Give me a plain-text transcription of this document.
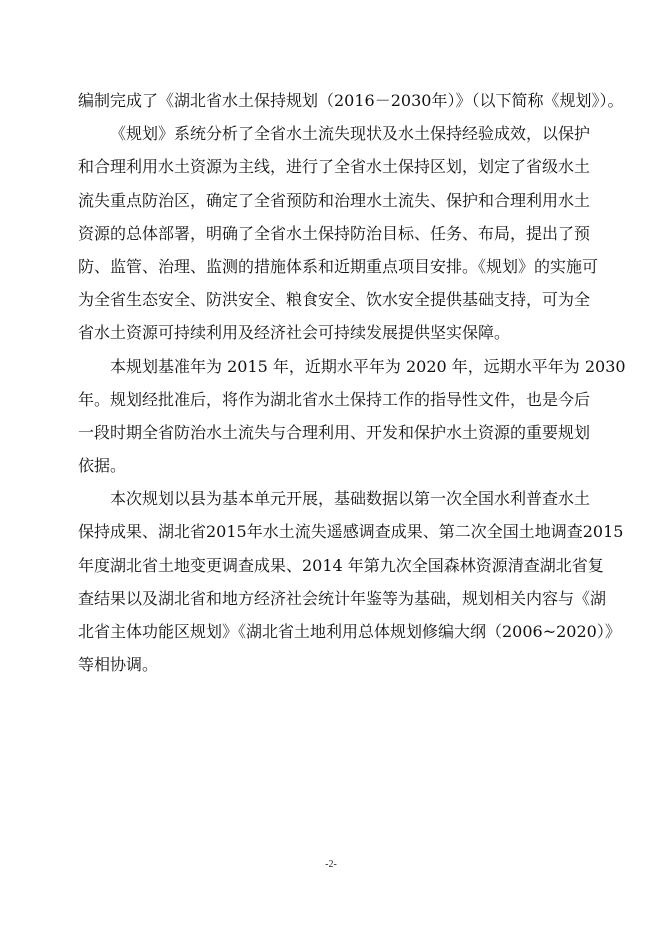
编制完成了《湖北省水土保持规划（2016－2030年）》（以下简称《规划》）。
《规划》系统分析了全省水土流失现状及水土保持经验成效，以保护
和合理利用水土资源为主线，进行了全省水土保持区划，划定了省级水土
流失重点防治区，确定了全省预防和治理水土流失、保护和合理利用水土
资源的总体部署，明确了全省水土保持防治目标、任务、布局，提出了预
防、监管、治理、监测的措施体系和近期重点项目安排。《规划》的实施可
为全省生态安全、防洪安全、粮食安全、饮水安全提供基础支持，可为全
省水土资源可持续利用及经济社会可持续发展提供坚实保障。
本规划基准年为 2015 年，近期水平年为 2020 年，远期水平年为 2030
年。规划经批准后，将作为湖北省水土保持工作的指导性文件，也是今后
一段时期全省防治水土流失与合理利用、开发和保护水土资源的重要规划
依据。
本次规划以县为基本单元开展，基础数据以第一次全国水利普查水土
保持成果、湖北省2015年水土流失遥感调查成果、第二次全国土地调查2015
年度湖北省土地变更调查成果、2014 年第九次全国森林资源清查湖北省复
查结果以及湖北省和地方经济社会统计年鉴等为基础，规划相关内容与《湖
北省主体功能区规划》《湖北省土地利用总体规划修编大纲（2006~2020）》
等相协调。
-2-
